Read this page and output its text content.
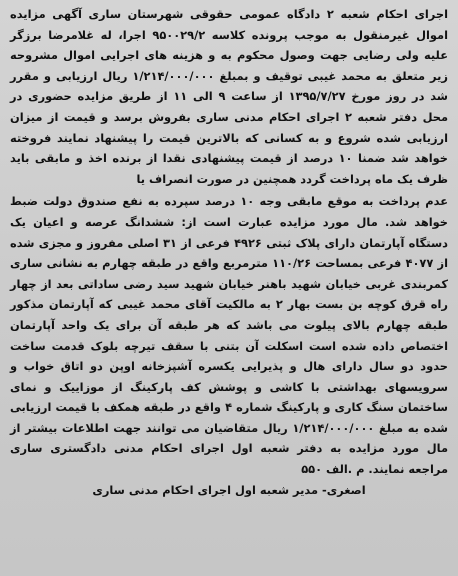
اجرای احکام شعبه ۲ دادگاه عمومی حقوقی شهرستان ساری آگهی مزایده اموال غیرمنقول به موجب پرونده کلاسه ۹۵۰۰۲۹/۲ اجرا، له غلامرضا برزگر علیه ولی رضایی جهت وصول محکوم به و هزینه های اجرایی اموال مشروحه زیر متعلق به محمد غیبی توقیف و بمبلغ ۱/۲۱۴/۰۰۰/۰۰۰ ریال ارزیابی و مقرر شد در روز مورخ ۱۳۹۵/۷/۲۷ از ساعت ۹ الی ۱۱ از طریق مزایده حضوری در محل دفتر شعبه ۲ اجرای احکام مدنی ساری بفروش برسد و قیمت از میزان ارزیابی شده شروع و به کسانی که بالاترین قیمت را پیشنهاد نمایند فروخته خواهد شد ضمنا ۱۰ درصد از قیمت پیشنهادی نقدا از برنده اخذ و مابقی باید ظرف یک ماه پرداخت گردد همچنین در صورت انصراف یا

عدم پرداخت به موقع مابقی وجه ۱۰ درصد سپرده به نفع صندوق دولت ضبط خواهد شد. مال مورد مزایده عبارت است از: ششدانگ عرصه و اعیان یک دستگاه آپارتمان دارای پلاک ثبتی ۴۹۲۶ فرعی از ۳۱ اصلی مفروز و مجزی شده از ۴۰۷۷ فرعی بمساحت ۱۱۰/۲۶ مترمربع واقع در طبقه چهارم به نشانی ساری کمربندی غربی خیابان شهید باهنر خیابان شهید سید رضی ساداتی بعد از چهار راه قرق کوچه بن بست بهار ۲ به مالکیت آقای محمد غیبی که آپارتمان مذکور طبقه چهارم بالای پیلوت می باشد که هر طبقه آن برای یک واحد آپارتمان اختصاص داده شده است اسکلت آن بتنی با سقف تیرچه بلوک قدمت ساخت حدود دو سال دارای هال و پذیرایی یکسره آشپزخانه اوپن دو اتاق خواب و سرویسهای بهداشتی با کاشی و پوشش کف پارکینگ از موزاییک و نمای ساختمان سنگ کاری و پارکینگ شماره ۴ واقع در طبقه همکف با قیمت ارزیابی شده به مبلغ ۱/۲۱۴/۰۰۰/۰۰۰ ریال متقاضیان می توانند جهت اطلاعات بیشتر از مال مورد مزایده به دفتر شعبه اول اجرای احکام مدنی دادگستری ساری مراجعه نمایند. م .الف ۵۵۰

اصغری- مدیر شعبه اول اجرای احکام مدنی ساری
